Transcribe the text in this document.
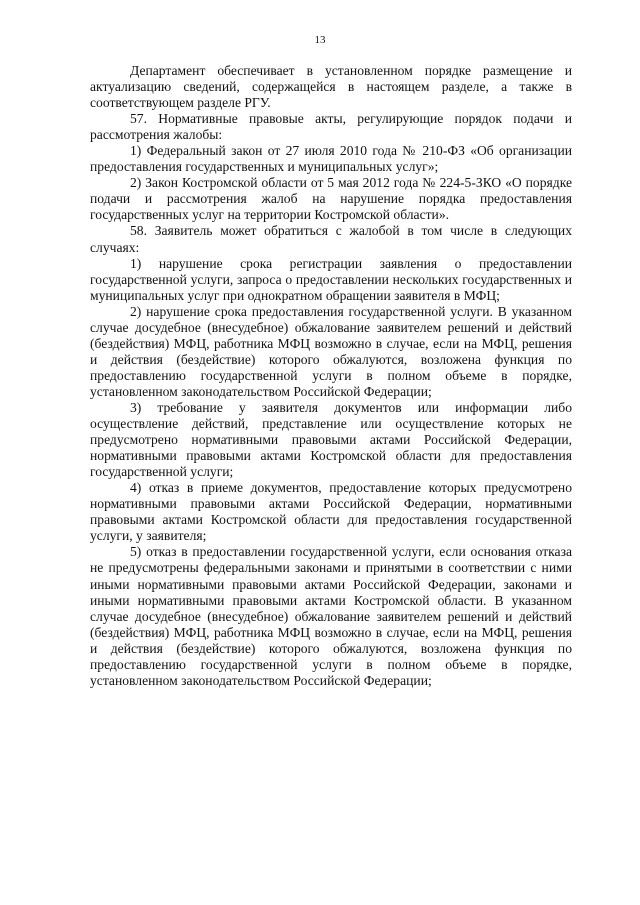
13

Департамент обеспечивает в установленном порядке размещение и актуализацию сведений, содержащейся в настоящем разделе, а также в соответствующем разделе РГУ.

57. Нормативные правовые акты, регулирующие порядок подачи и рассмотрения жалобы:

1) Федеральный закон от 27 июля 2010 года № 210-ФЗ «Об организации предоставления государственных и муниципальных услуг»;

2) Закон Костромской области от 5 мая 2012 года № 224-5-ЗКО «О порядке подачи и рассмотрения жалоб на нарушение порядка предоставления государственных услуг на территории Костромской области».

58. Заявитель может обратиться с жалобой в том числе в следующих случаях:

1) нарушение срока регистрации заявления о предоставлении государственной услуги, запроса о предоставлении нескольких государственных и муниципальных услуг при однократном обращении заявителя в МФЦ;

2) нарушение срока предоставления государственной услуги. В указанном случае досудебное (внесудебное) обжалование заявителем решений и действий (бездействия) МФЦ, работника МФЦ возможно в случае, если на МФЦ, решения и действия (бездействие) которого обжалуются, возложена функция по предоставлению государственной услуги в полном объеме в порядке, установленном законодательством Российской Федерации;

3) требование у заявителя документов или информации либо осуществление действий, представление или осуществление которых не предусмотрено нормативными правовыми актами Российской Федерации, нормативными правовыми актами Костромской области для предоставления государственной услуги;

4) отказ в приеме документов, предоставление которых предусмотрено нормативными правовыми актами Российской Федерации, нормативными правовыми актами Костромской области для предоставления государственной услуги, у заявителя;

5) отказ в предоставлении государственной услуги, если основания отказа не предусмотрены федеральными законами и принятыми в соответствии с ними иными нормативными правовыми актами Российской Федерации, законами и иными нормативными правовыми актами Костромской области. В указанном случае досудебное (внесудебное) обжалование заявителем решений и действий (бездействия) МФЦ, работника МФЦ возможно в случае, если на МФЦ, решения и действия (бездействие) которого обжалуются, возложена функция по предоставлению государственной услуги в полном объеме в порядке, установленном законодательством Российской Федерации;
